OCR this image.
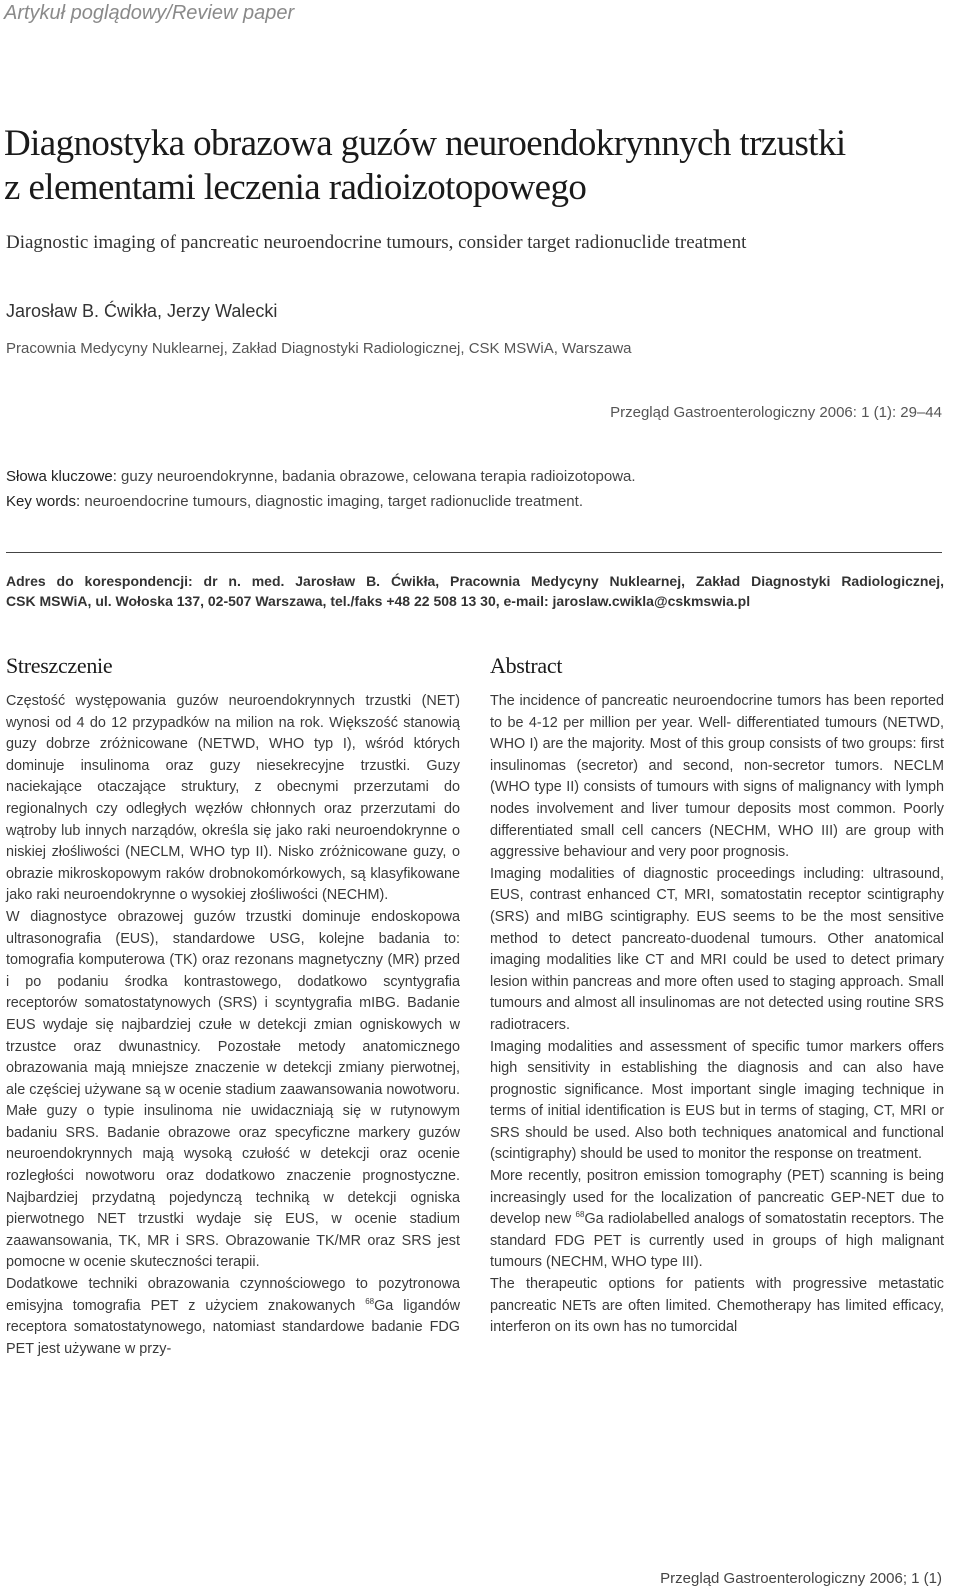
Artykuł poglądowy/Review paper
Diagnostyka obrazowa guzów neuroendokrynnych trzustki
z elementami leczenia radioizotopowego
Diagnostic imaging of pancreatic neuroendocrine tumours, consider target radionuclide treatment
Jarosław B. Ćwikła, Jerzy Walecki
Pracownia Medycyny Nuklearnej, Zakład Diagnostyki Radiologicznej, CSK MSWiA, Warszawa
Przegląd Gastroenterologiczny 2006: 1 (1): 29–44
Słowa kluczowe: guzy neuroendokrynne, badania obrazowe, celowana terapia radioizotopowa.
Key words: neuroendocrine tumours, diagnostic imaging, target radionuclide treatment.
Adres do korespondencji: dr n. med. Jarosław B. Ćwikła, Pracownia Medycyny Nuklearnej, Zakład Diagnostyki Radiologicznej,
CSK MSWiA, ul. Wołoska 137, 02-507 Warszawa, tel./faks +48 22 508 13 30, e-mail: jaroslaw.cwikla@cskmswia.pl
Streszczenie

Częstość występowania guzów neuroendokrynnych trzustki (NET) wynosi od 4 do 12 przypadków na milion na rok. Większość stanowią guzy dobrze zróżnicowane (NETWD, WHO typ I), wśród których dominuje insulinoma oraz guzy niesekrecyjne trzustki. Guzy naciekające otaczające struktury, z obecnymi przerzutami do regionalnych czy odległych węzłów chłonnych oraz przerzutami do wątroby lub innych narządów, określa się jako raki neuroendokrynne o niskiej złośliwości (NECLM, WHO typ II). Nisko zróżnicowane guzy, o obrazie mikroskopowym raków drobnokomórkowych, są klasyfikowane jako raki neuroendokrynne o wysokiej złośliwości (NECHM).

W diagnostyce obrazowej guzów trzustki dominuje endoskopowa ultrasonografia (EUS), standardowe USG, kolejne badania to: tomografia komputerowa (TK) oraz rezonans magnetyczny (MR) przed i po podaniu środka kontrastowego, dodatkowo scyntygrafia receptorów somatostatynowych (SRS) i scyntygrafia mIBG. Badanie EUS wydaje się najbardziej czułe w detekcji zmian ogniskowych w trzustce oraz dwunastnicy. Pozostałe metody anatomicznego obrazowania mają mniejsze znaczenie w detekcji zmiany pierwotnej, ale częściej używane są w ocenie stadium zaawansowania nowotworu. Małe guzy o typie insulinoma nie uwidaczniają się w rutynowym badaniu SRS. Badanie obrazowe oraz specyficzne markery guzów neuroendokrynnych mają wysoką czułość w detekcji oraz ocenie rozległości nowotworu oraz dodatkowo znaczenie prognostyczne. Najbardziej przydatną pojedynczą techniką w detekcji ogniska pierwotnego NET trzustki wydaje się EUS, w ocenie stadium zaawansowania, TK, MR i SRS. Obrazowanie TK/MR oraz SRS jest pomocne w ocenie skuteczności terapii.

Dodatkowe techniki obrazowania czynnościowego to pozytronowa emisyjna tomografia PET z użyciem znakowanych $^{68}$Ga ligandów receptora somatostatynowego, natomiast standardowe badanie FDG PET jest używane w przy-

Abstract

The incidence of pancreatic neuroendocrine tumors has been reported to be 4-12 per million per year. Well- differentiated tumours (NETWD, WHO I) are the majority. Most of this group consists of two groups: first insulinomas (secretor) and second, non-secretor tumors. NECLM (WHO type II) consists of tumours with signs of malignancy with lymph nodes involvement and liver tumour deposits most common. Poorly differentiated small cell cancers (NECHM, WHO III) are group with aggressive behaviour and very poor prognosis.

Imaging modalities of diagnostic proceedings including: ultrasound, EUS, contrast enhanced CT, MRI, somatostatin receptor scintigraphy (SRS) and mIBG scintigraphy. EUS seems to be the most sensitive method to detect pancreato-duodenal tumours. Other anatomical imaging modalities like CT and MRI could be used to detect primary lesion within pancreas and more often used to staging approach. Small tumours and almost all insulinomas are not detected using routine SRS radiotracers.

Imaging modalities and assessment of specific tumor markers offers high sensitivity in establishing the diagnosis and can also have prognostic significance. Most important single imaging technique in terms of initial identification is EUS but in terms of staging, CT, MRI or SRS should be used. Also both techniques anatomical and functional (scintigraphy) should be used to monitor the response on treatment.

More recently, positron emission tomography (PET) scanning is being increasingly used for the localization of pancreatic GEP-NET due to develop new $^{68}$Ga radiolabelled analogs of somatostatin receptors. The standard FDG PET is currently used in groups of high malignant tumours (NECHM, WHO type III).

The therapeutic options for patients with progressive metastatic pancreatic NETs are often limited. Chemotherapy has limited efficacy, interferon on its own has no tumorcidal

Przegląd Gastroenterologiczny 2006; 1 (1)
